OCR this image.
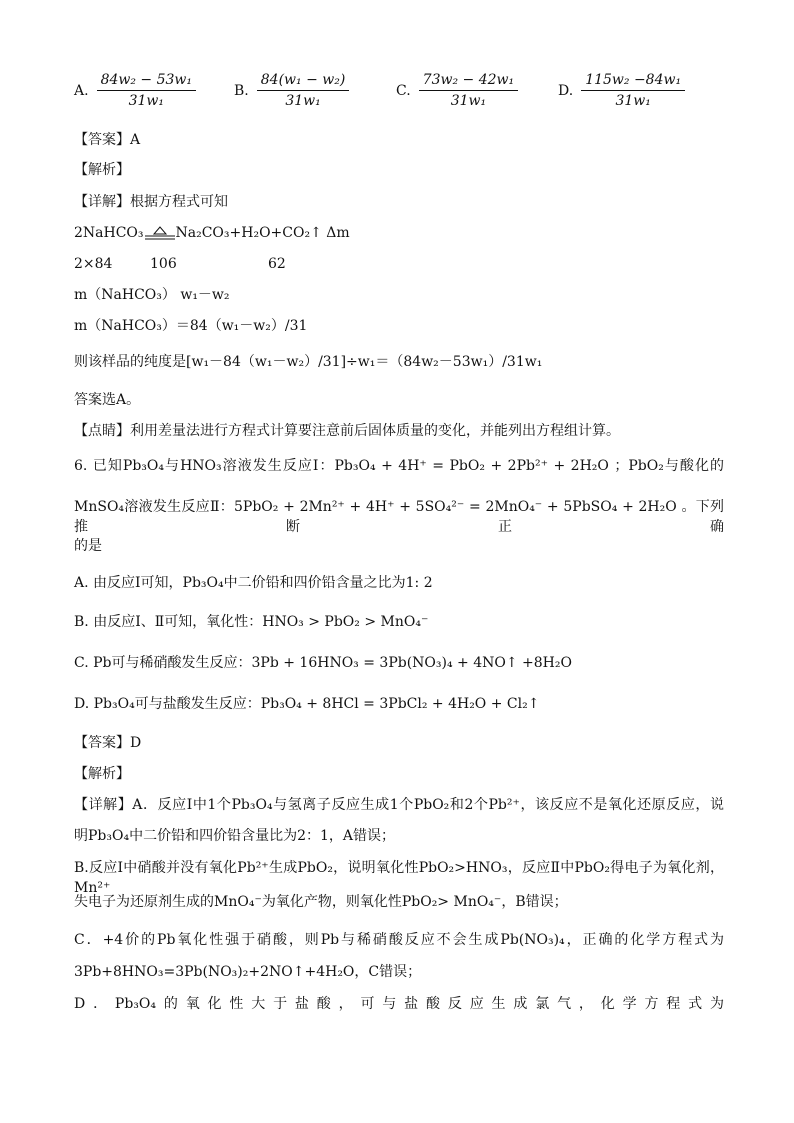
A. $\frac{\text{84w₂ − 53w₁}}{\text{31w₁}}$	B. $\frac{\text{84(w₁ − w₂)}}{\text{31w₁}}$	C. $\frac{\text{73w₂ − 42w₁}}{\text{31w₁}}$	D. $\frac{\text{115w₂ −84w₁}}{\text{31w₁}}$
【答案】A
【解析】
【详解】根据方程式可知
2NaHCO₃ Na₂CO₃+H₂O+CO₂↑ Δm
2×84	106	62
m（NaHCO₃） w₁－w₂
m（NaHCO₃）＝84（w₁－w₂）/31
则该样品的纯度是[w₁－84（w₁－w₂）/31]÷w₁＝（84w₂－53w₁）/31w₁
答案选A。
【点睛】利用差量法进行方程式计算要注意前后固体质量的变化，并能列出方程组计算。
6. 已知Pb₃O₄与HNO₃溶液发生反应Ⅰ：Pb₃O₄ + 4H⁺ = PbO₂ + 2Pb²⁺ + 2H₂O ；PbO₂与酸化的
MnSO₄溶液发生反应Ⅱ：5PbO₂ + 2Mn²⁺ + 4H⁺ + 5SO₄²⁻ = 2MnO₄⁻ + 5PbSO₄ + 2H₂O 。下列推断正确
的是
A. 由反应Ⅰ可知，Pb₃O₄中二价铅和四价铅含量之比为1: 2
B. 由反应Ⅰ、Ⅱ可知，氧化性：HNO₃ > PbO₂ > MnO₄⁻
C. Pb可与稀硝酸发生反应：3Pb + 16HNO₃ = 3Pb(NO₃)₄ + 4NO↑ +8H₂O
D. Pb₃O₄可与盐酸发生反应：Pb₃O₄ + 8HCl = 3PbCl₂ + 4H₂O + Cl₂↑
【答案】D
【解析】
【详解】A．反应Ⅰ中1个Pb₃O₄与氢离子反应生成1个PbO₂和2个Pb²⁺，该反应不是氧化还原反应，说
明Pb₃O₄中二价铅和四价铅含量比为2：1，A错误；
B.反应Ⅰ中硝酸并没有氧化Pb²⁺生成PbO₂，说明氧化性PbO₂>HNO₃，反应Ⅱ中PbO₂得电子为氧化剂，Mn²⁺
失电子为还原剂生成的MnO₄⁻为氧化产物，则氧化性PbO₂> MnO₄⁻，B错误；
C．+4价的Pb氧化性强于硝酸，则Pb与稀硝酸反应不会生成Pb(NO₃)₄，正确的化学方程式为
3Pb+8HNO₃=3Pb(NO₃)₂+2NO↑+4H₂O，C错误；
D．Pb₃O₄的氧化性大于盐酸，可与盐酸反应生成氯气，化学方程式为
